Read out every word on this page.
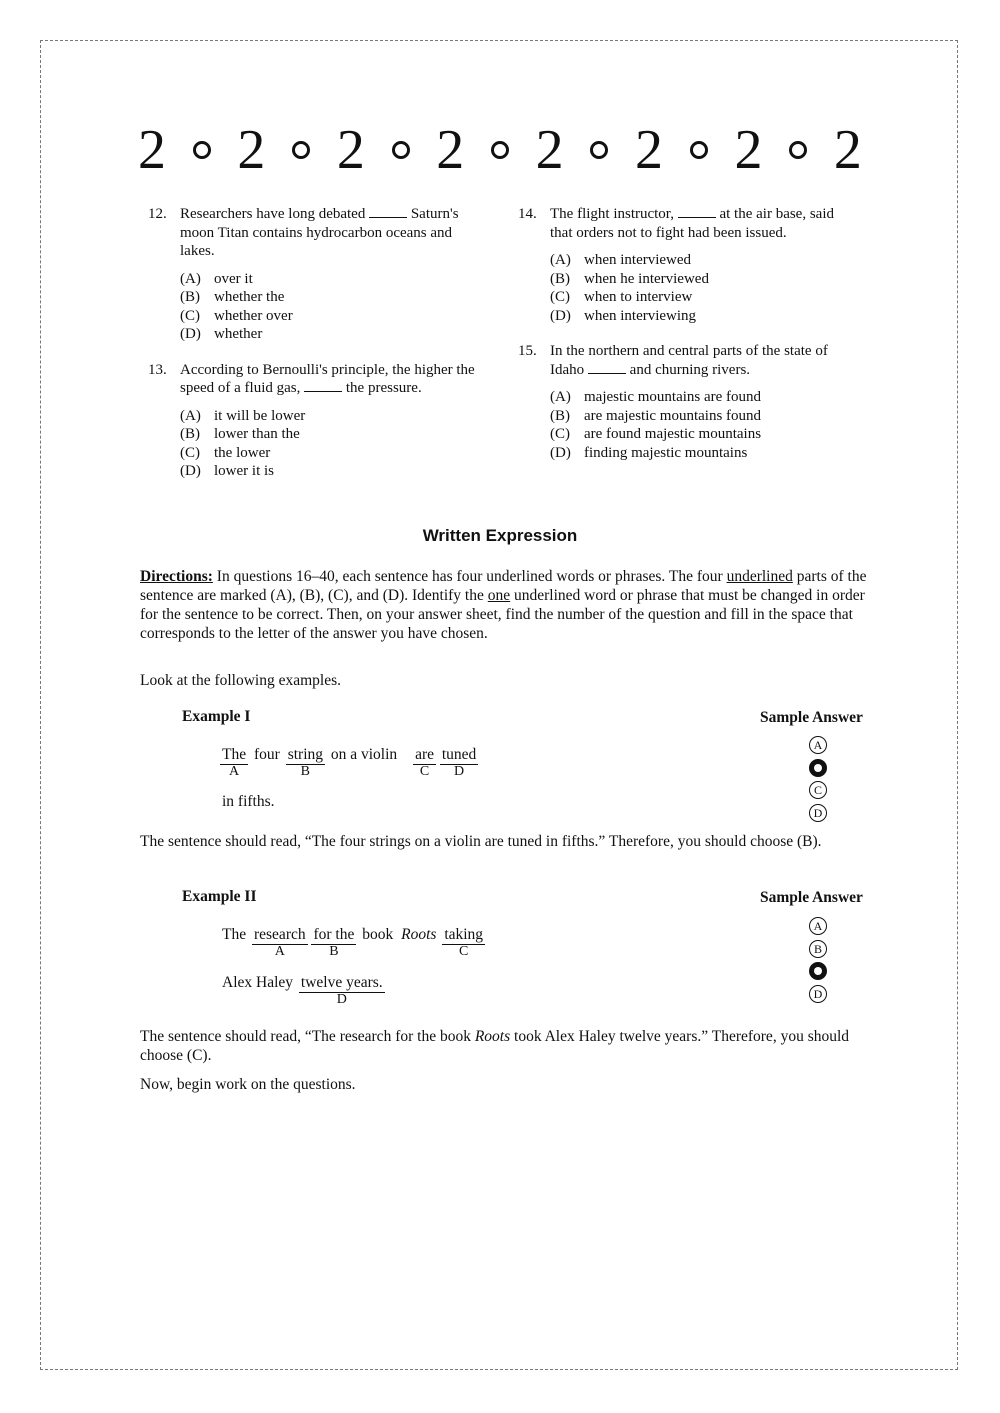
2 2 2 2 2 2 2 2
12. Researchers have long debated	Saturn's moon Titan contains hydrocarbon oceans and lakes.
(A) over it
(B) whether the
(C) whether over
(D) whether
13. According to Bernoulli's principle, the higher the speed of a fluid gas,	the pressure.
(A) it will be lower
(B) lower than the
(C) the lower
(D) lower it is
14. The flight instructor,	at the air base, said that orders not to fight had been issued.
(A) when interviewed
(B) when he interviewed
(C) when to interview
(D) when interviewing
15. In the northern and central parts of the state of Idaho	and churning rivers.
(A) majestic mountains are found
(B) are majestic mountains found
(C) are found majestic mountains
(D) finding majestic mountains
Written Expression
Directions: In questions 16–40, each sentence has four underlined words or phrases. The four underlined parts of the sentence are marked (A), (B), (C), and (D). Identify the one underlined word or phrase that must be changed in order for the sentence to be correct. Then, on your answer sheet, find the number of the question and fill in the space that corresponds to the letter of the answer you have chosen.
Look at the following examples.
Example I	Sample Answer
The
A
four string
B
on a violin are
C

tuned
D
in fifths.
A
C
D
The sentence should read, “The four strings on a violin are tuned in fifths.” Therefore, you should choose (B).
Example II	Sample Answer
The research
A

for the
B
book Roots taking
C
Alex Haley twelve years.
D
A
B
D
The sentence should read, “The research for the book Roots took Alex Haley twelve years.” Therefore, you should choose (C).
Now, begin work on the questions.
